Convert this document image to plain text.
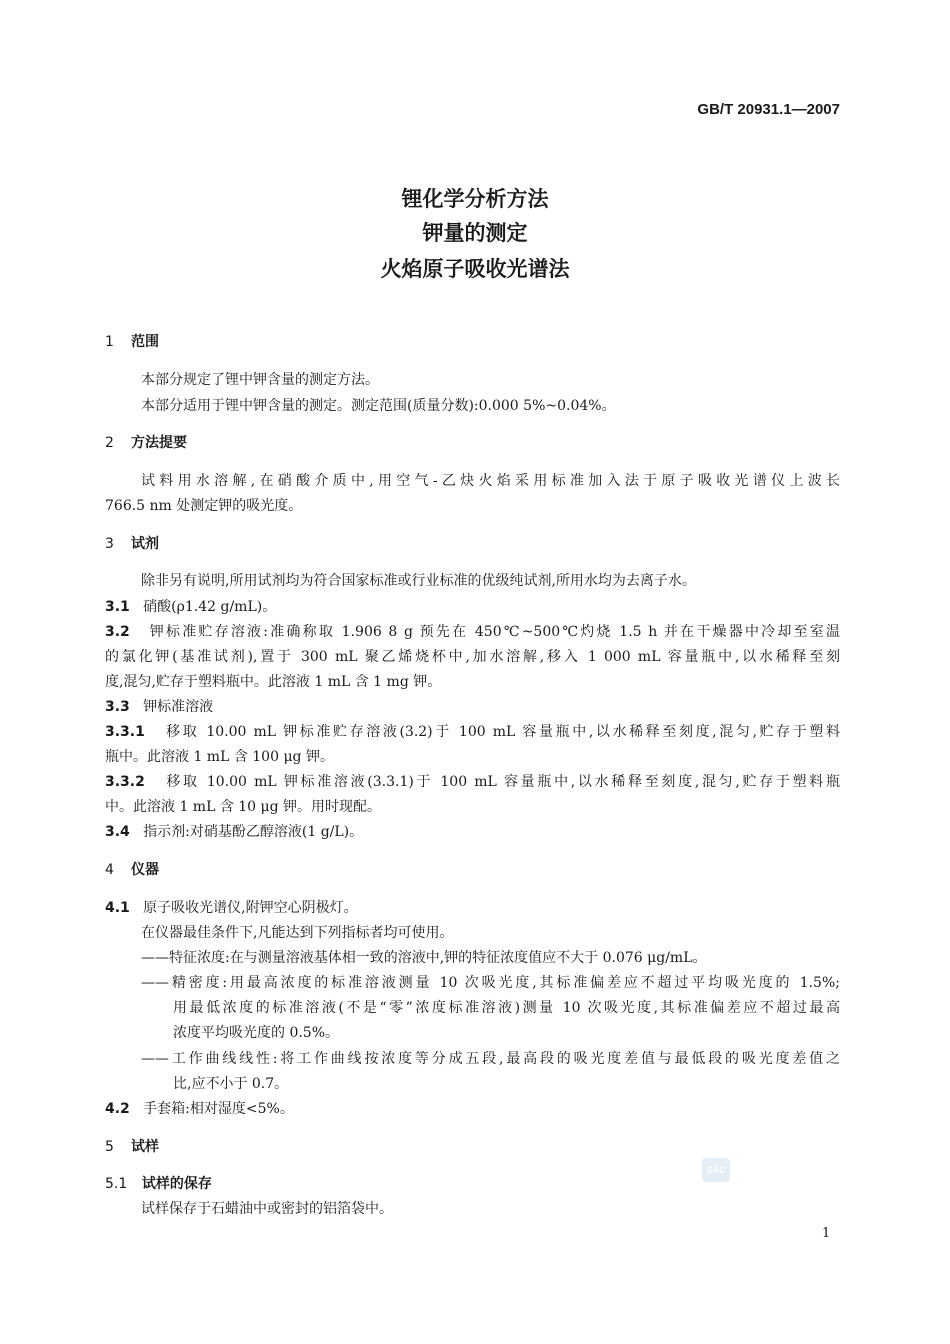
GB/T 20931.1—2007
锂化学分析方法
钾量的测定
火焰原子吸收光谱法
1 范围
本部分规定了锂中钾含量的测定方法。
本部分适用于锂中钾含量的测定。测定范围(质量分数):0.000 5%~0.04%。
2 方法提要
试料用水溶解,在硝酸介质中,用空气-乙炔火焰采用标准加入法于原子吸收光谱仪上波长
766.5 nm 处测定钾的吸光度。
3 试剂
除非另有说明,所用试剂均为符合国家标准或行业标准的优级纯试剂,所用水均为去离子水。
3.1 硝酸(ρ1.42 g/mL)。
3.2 钾标准贮存溶液:准确称取 1.906 8 g 预先在 450℃~500℃灼烧 1.5 h 并在干燥器中冷却至室温
的氯化钾(基准试剂),置于 300 mL 聚乙烯烧杯中,加水溶解,移入 1 000 mL 容量瓶中,以水稀释至刻
度,混匀,贮存于塑料瓶中。此溶液 1 mL 含 1 mg 钾。
3.3 钾标准溶液
3.3.1 移取 10.00 mL 钾标准贮存溶液(3.2)于 100 mL 容量瓶中,以水稀释至刻度,混匀,贮存于塑料
瓶中。此溶液 1 mL 含 100 μg 钾。
3.3.2 移取 10.00 mL 钾标准溶液(3.3.1)于 100 mL 容量瓶中,以水稀释至刻度,混匀,贮存于塑料瓶
中。此溶液 1 mL 含 10 μg 钾。用时现配。
3.4 指示剂:对硝基酚乙醇溶液(1 g/L)。
4 仪器
4.1 原子吸收光谱仪,附钾空心阴极灯。
在仪器最佳条件下,凡能达到下列指标者均可使用。
——特征浓度:在与测量溶液基体相一致的溶液中,钾的特征浓度值应不大于 0.076 μg/mL。
——精密度:用最高浓度的标准溶液测量 10 次吸光度,其标准偏差应不超过平均吸光度的 1.5%;
用最低浓度的标准溶液(不是“零”浓度标准溶液)测量 10 次吸光度,其标准偏差应不超过最高
浓度平均吸光度的 0.5%。
——工作曲线线性:将工作曲线按浓度等分成五段,最高段的吸光度差值与最低段的吸光度差值之
比,应不小于 0.7。
4.2 手套箱:相对湿度<5%。
5 试样
5.1 试样的保存
试样保存于石蜡油中或密封的铝箔袋中。
SAC
1
